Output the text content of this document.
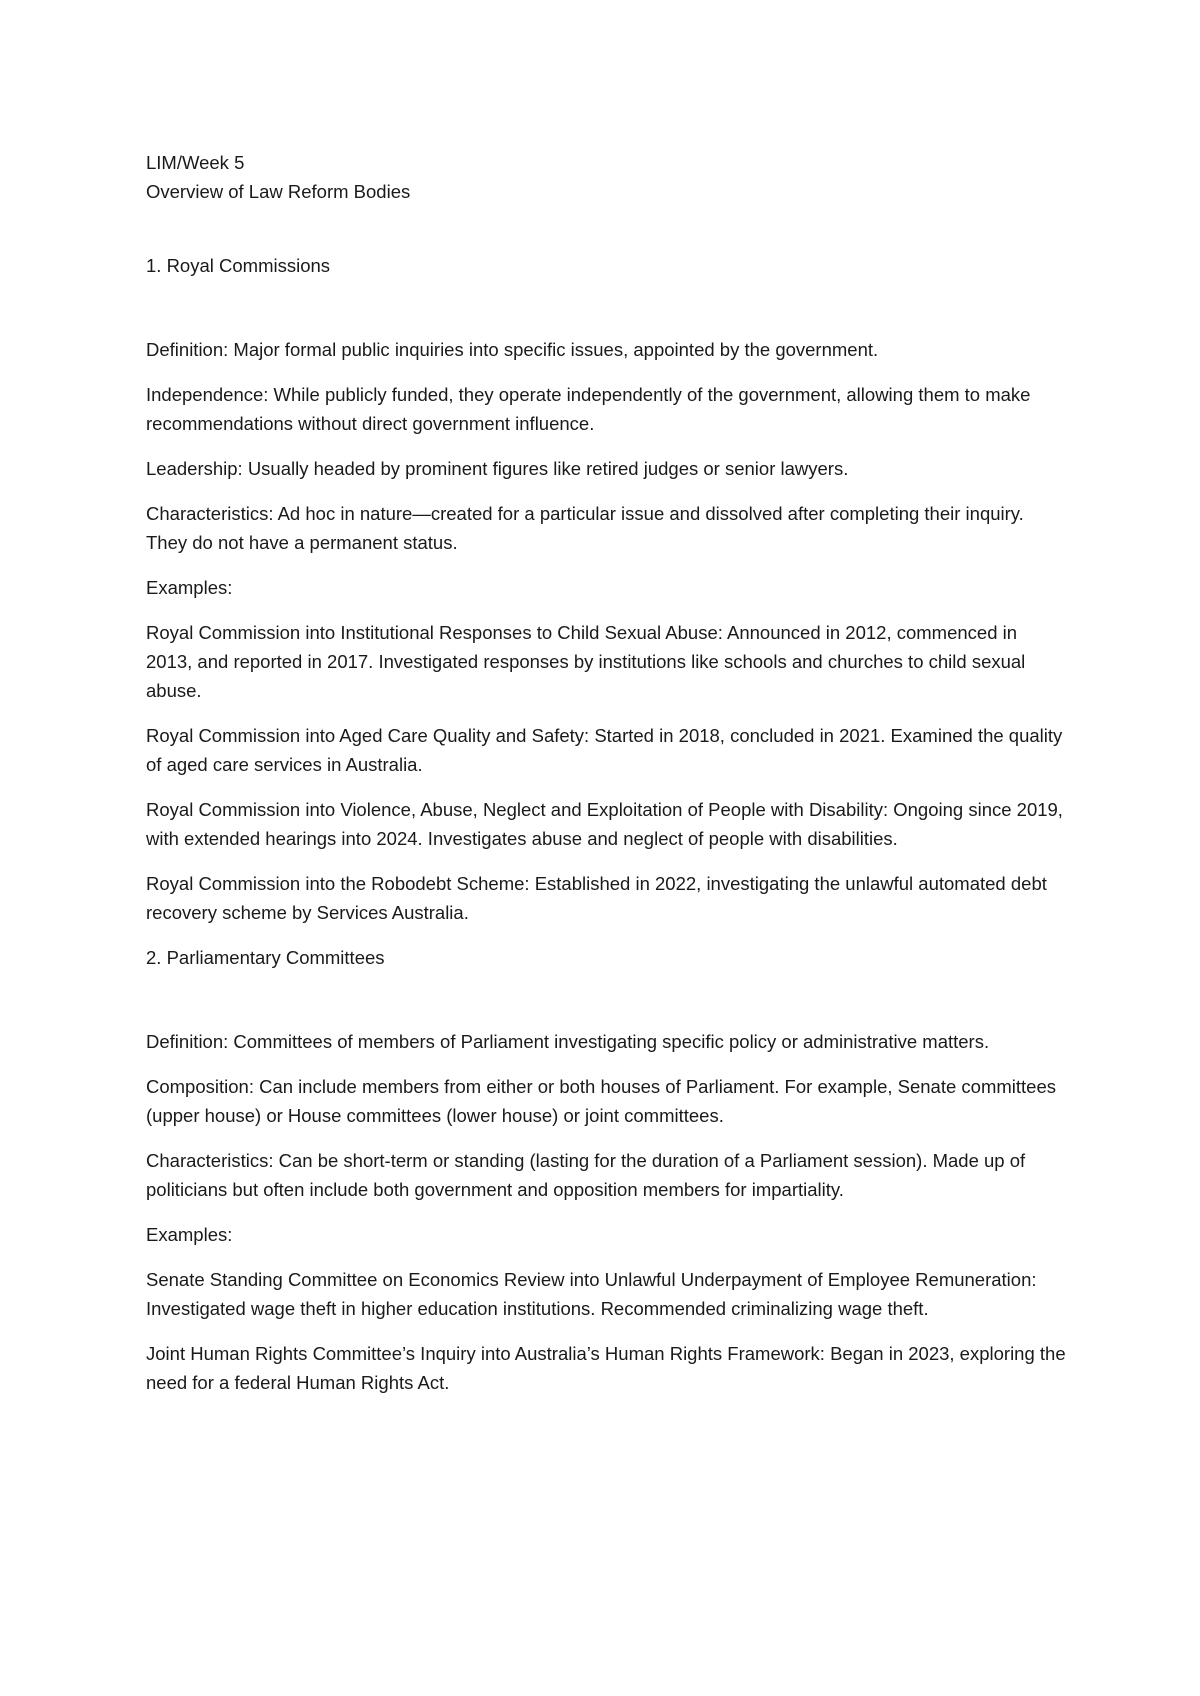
LIM/Week 5

Overview of Law Reform Bodies

1. Royal Commissions

Definition: Major formal public inquiries into specific issues, appointed by the government.

Independence: While publicly funded, they operate independently of the government, allowing them to make recommendations without direct government influence.

Leadership: Usually headed by prominent figures like retired judges or senior lawyers.

Characteristics: Ad hoc in nature—created for a particular issue and dissolved after completing their inquiry. They do not have a permanent status.

Examples:

Royal Commission into Institutional Responses to Child Sexual Abuse: Announced in 2012, commenced in 2013, and reported in 2017. Investigated responses by institutions like schools and churches to child sexual abuse.

Royal Commission into Aged Care Quality and Safety: Started in 2018, concluded in 2021. Examined the quality of aged care services in Australia.

Royal Commission into Violence, Abuse, Neglect and Exploitation of People with Disability: Ongoing since 2019, with extended hearings into 2024. Investigates abuse and neglect of people with disabilities.

Royal Commission into the Robodebt Scheme: Established in 2022, investigating the unlawful automated debt recovery scheme by Services Australia.

2. Parliamentary Committees

Definition: Committees of members of Parliament investigating specific policy or administrative matters.

Composition: Can include members from either or both houses of Parliament. For example, Senate committees (upper house) or House committees (lower house) or joint committees.

Characteristics: Can be short-term or standing (lasting for the duration of a Parliament session). Made up of politicians but often include both government and opposition members for impartiality.

Examples:

Senate Standing Committee on Economics Review into Unlawful Underpayment of Employee Remuneration: Investigated wage theft in higher education institutions. Recommended criminalizing wage theft.

Joint Human Rights Committee’s Inquiry into Australia’s Human Rights Framework: Began in 2023, exploring the need for a federal Human Rights Act.
